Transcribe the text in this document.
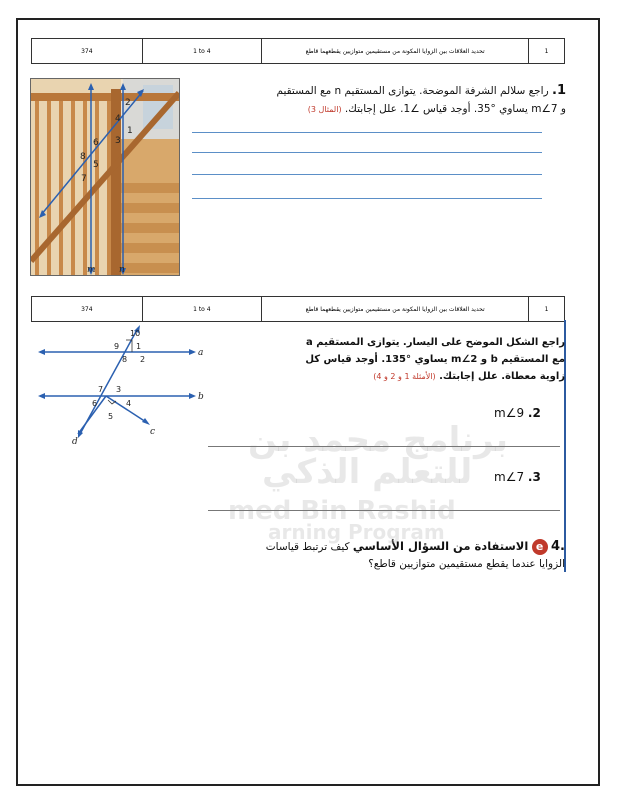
برنامج محمد بن
للتعلم الذكي
med Bin Rashid
arning Program
374	1 to 4	تحديد العلاقات بين الزوايا المكونة من مستقيمين متوازيين يقطعهما قاطع	1
2
4
1
3
6
8
5
7
m	n
1. راجع سلالم الشرفة الموضحة. يتوازى المستقيم n مع المستقيم
و m∠7 يساوي °35. أوجد قياس ∠1. علل إجابتك. (المثال 3)
374	1 to 4	تحديد العلاقات بين الزوايا المكونة من مستقيمين متوازيين يقطعهما قاطع	1
10
9 1
8 2
a
7 3
6	4
5
b
c
d
راجع الشكل الموضح على اليسار. يتوازى المستقيم a
مع المستقيم b و m∠2 يساوي °135. أوجد قياس كل
زاوية معطاة. علل إجابتك. (الأمثلة 1 و 2 و 4)
m∠9 .2
m∠7 .3
.4 e الاستفادة من السؤال الأساسي كيف ترتبط قياسات
الزوايا عندما يقطع مستقيمين متوازيين قاطع؟
